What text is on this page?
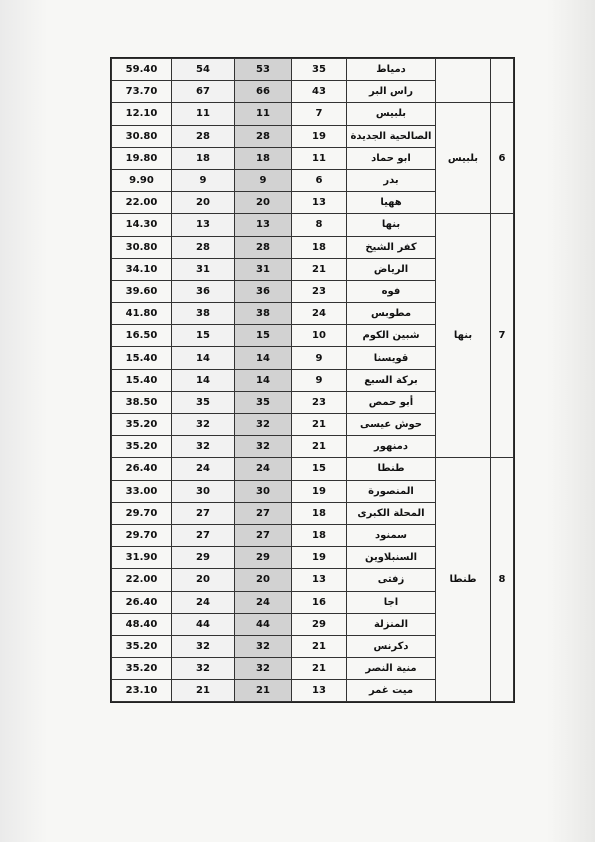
59.40	54	53	35	دمياط		
73.70	67	66	43	راس البر		
12.10	11	11	7	بلبيس	بلبيس	6
30.80	28	28	19	الصالحية الجديدة		
19.80	18	18	11	ابو حماد		
9.90	9	9	6	بدر		
22.00	20	20	13	ههيا		
14.30	13	13	8	بنها	بنها	7
30.80	28	28	18	كفر الشيخ		
34.10	31	31	21	الرياض		
39.60	36	36	23	فوه		
41.80	38	38	24	مطوبس		
16.50	15	15	10	شبين الكوم		
15.40	14	14	9	قويسنا		
15.40	14	14	9	بركة السبع		
38.50	35	35	23	أبو حمص		
35.20	32	32	21	حوش عيسى		
35.20	32	32	21	دمنهور		
26.40	24	24	15	طنطا	طنطا	8
33.00	30	30	19	المنصورة		
29.70	27	27	18	المحلة الكبرى		
29.70	27	27	18	سمنود		
31.90	29	29	19	السنبلاوين		
22.00	20	20	13	زفتى		
26.40	24	24	16	اجا		
48.40	44	44	29	المنزلة		
35.20	32	32	21	دكرنس		
35.20	32	32	21	منية النصر		
23.10	21	21	13	ميت غمر		
